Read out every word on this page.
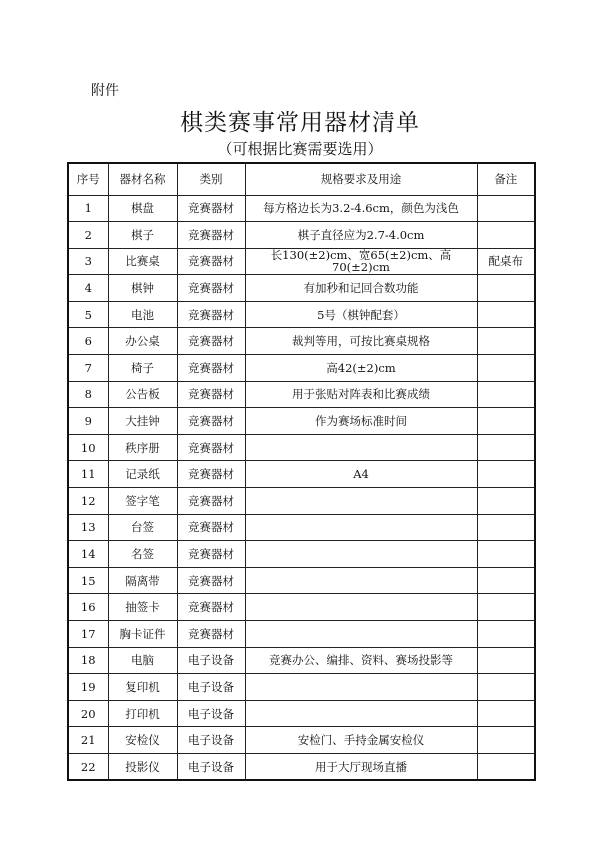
附件
棋类赛事常用器材清单
（可根据比赛需要选用）
序号	器材名称	类别	规格要求及用途	备注
1	棋盘	竞赛器材	每方格边长为3.2-4.6cm，颜色为浅色	
2	棋子	竞赛器材	棋子直径应为2.7-4.0cm	
3	比赛桌	竞赛器材	长130(±2)cm、宽65(±2)cm、高70(±2)cm	配桌布
4	棋钟	竞赛器材	有加秒和记回合数功能	
5	电池	竞赛器材	5号（棋钟配套）	
6	办公桌	竞赛器材	裁判等用，可按比赛桌规格	
7	椅子	竞赛器材	高42(±2)cm	
8	公告板	竞赛器材	用于张贴对阵表和比赛成绩	
9	大挂钟	竞赛器材	作为赛场标准时间	
10	秩序册	竞赛器材		
11	记录纸	竞赛器材	A4	
12	签字笔	竞赛器材		
13	台签	竞赛器材		
14	名签	竞赛器材		
15	隔离带	竞赛器材		
16	抽签卡	竞赛器材		
17	胸卡证件	竞赛器材		
18	电脑	电子设备	竞赛办公、编排、资料、赛场投影等	
19	复印机	电子设备		
20	打印机	电子设备		
21	安检仪	电子设备	安检门、手持金属安检仪	
22	投影仪	电子设备	用于大厅现场直播	
